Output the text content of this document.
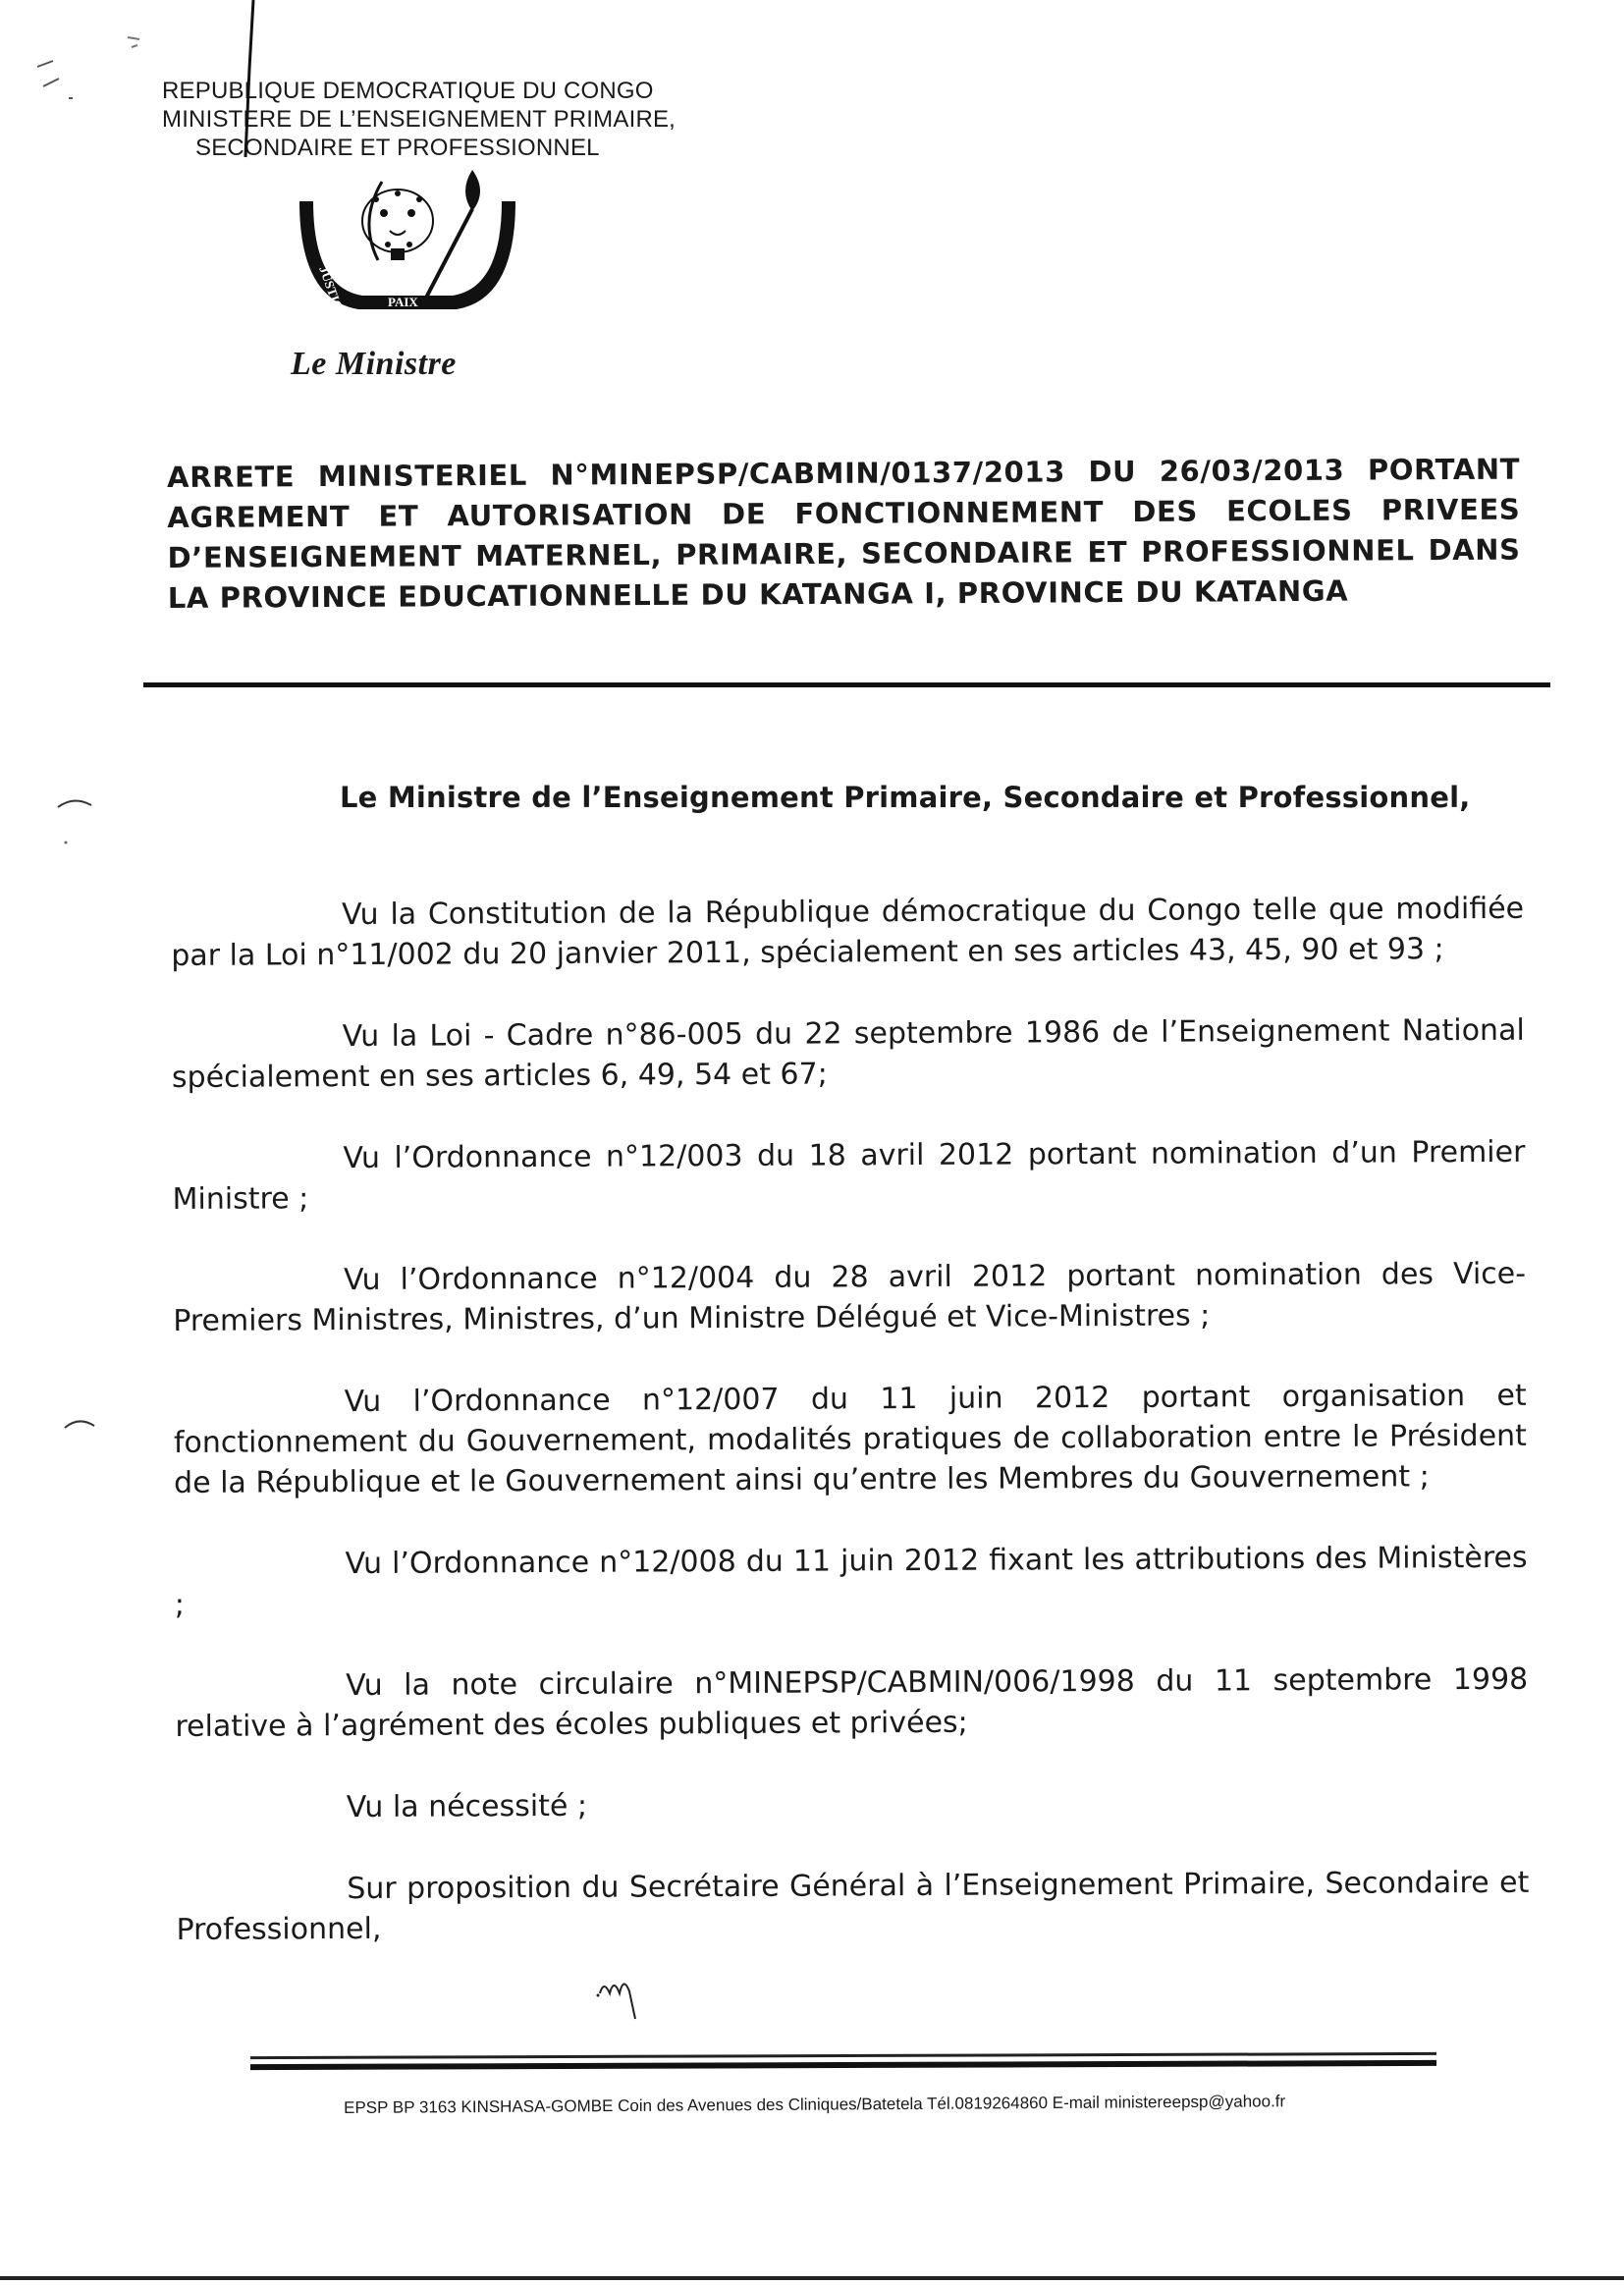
REPUBLIQUE DEMOCRATIQUE DU CONGO
MINISTERE DE L’ENSEIGNEMENT PRIMAIRE,
SECONDAIRE ET PROFESSIONNEL
JUSTICE	PAIX
TRAVAIL
Le Ministre
ARRETE MINISTERIEL N°MINEPSP/CABMIN/0137/2013 DU 26/03/2013 PORTANT AGREMENT ET AUTORISATION DE FONCTIONNEMENT DES ECOLES PRIVEES D’ENSEIGNEMENT MATERNEL, PRIMAIRE, SECONDAIRE ET PROFESSIONNEL DANS LA PROVINCE EDUCATIONNELLE DU KATANGA I, PROVINCE DU KATANGA
Le Ministre de l’Enseignement Primaire, Secondaire et Professionnel,

Vu la Constitution de la République démocratique du Congo telle que modifiée par la Loi n°11/002 du 20 janvier 2011, spécialement en ses articles 43, 45, 90 et 93 ;

Vu la Loi - Cadre n°86-005 du 22 septembre 1986 de l’Enseignement National spécialement en ses articles 6, 49, 54 et 67;

Vu l’Ordonnance n°12/003 du 18 avril 2012 portant nomination d’un Premier Ministre ;

Vu l’Ordonnance n°12/004 du 28 avril 2012 portant nomination des Vice-Premiers Ministres, Ministres, d’un Ministre Délégué et Vice-Ministres ;

Vu l’Ordonnance n°12/007 du 11 juin 2012 portant organisation et fonctionnement du Gouvernement, modalités pratiques de collaboration entre le Président de la République et le Gouvernement ainsi qu’entre les Membres du Gouvernement ;

Vu l’Ordonnance n°12/008 du 11 juin 2012 fixant les attributions des Ministères ;

Vu la note circulaire n°MINEPSP/CABMIN/006/1998 du 11 septembre 1998 relative à l’agrément des écoles publiques et privées;

Vu la nécessité ;

Sur proposition du Secrétaire Général à l’Enseignement Primaire, Secondaire et Professionnel,

EPSP BP 3163 KINSHASA-GOMBE Coin des Avenues des Cliniques/Batetela Tél.0819264860 E-mail ministereepsp@yahoo.fr
